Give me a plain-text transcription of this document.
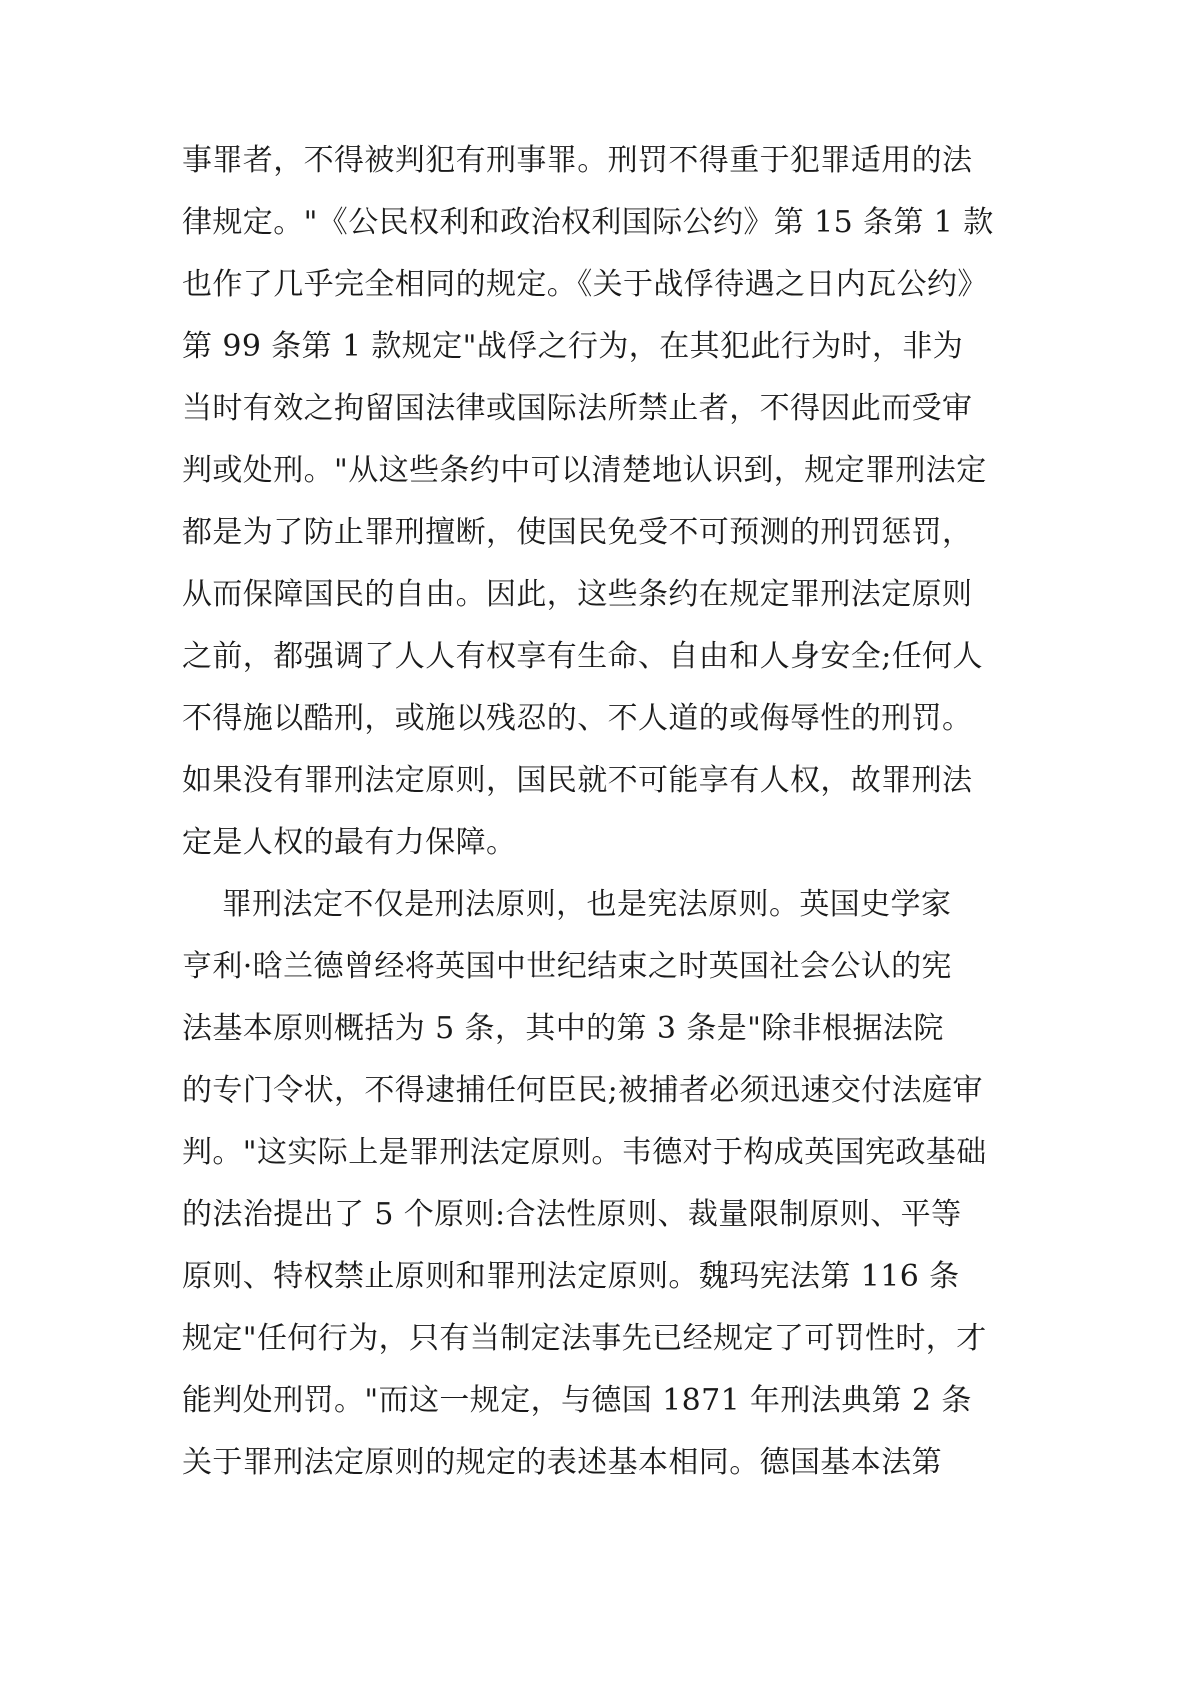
事罪者，不得被判犯有刑事罪。刑罚不得重于犯罪适用的法
律规定。"《公民权利和政治权利国际公约》第 15 条第 1 款
也作了几乎完全相同的规定。《关于战俘待遇之日内瓦公约》
第 99 条第 1 款规定"战俘之行为，在其犯此行为时，非为
当时有效之拘留国法律或国际法所禁止者，不得因此而受审
判或处刑。"从这些条约中可以清楚地认识到，规定罪刑法定
都是为了防止罪刑擅断，使国民免受不可预测的刑罚惩罚，
从而保障国民的自由。因此，这些条约在规定罪刑法定原则
之前，都强调了人人有权享有生命、自由和人身安全;任何人
不得施以酷刑，或施以残忍的、不人道的或侮辱性的刑罚。
如果没有罪刑法定原则，国民就不可能享有人权，故罪刑法
定是人权的最有力保障。
罪刑法定不仅是刑法原则，也是宪法原则。英国史学家
亨利·晗兰德曾经将英国中世纪结束之时英国社会公认的宪
法基本原则概括为 5 条，其中的第 3 条是"除非根据法院
的专门令状，不得逮捕任何臣民;被捕者必须迅速交付法庭审
判。"这实际上是罪刑法定原则。韦德对于构成英国宪政基础
的法治提出了 5 个原则:合法性原则、裁量限制原则、平等
原则、特权禁止原则和罪刑法定原则。魏玛宪法第 116 条
规定"任何行为，只有当制定法事先已经规定了可罚性时，才
能判处刑罚。"而这一规定，与德国 1871 年刑法典第 2 条
关于罪刑法定原则的规定的表述基本相同。德国基本法第
